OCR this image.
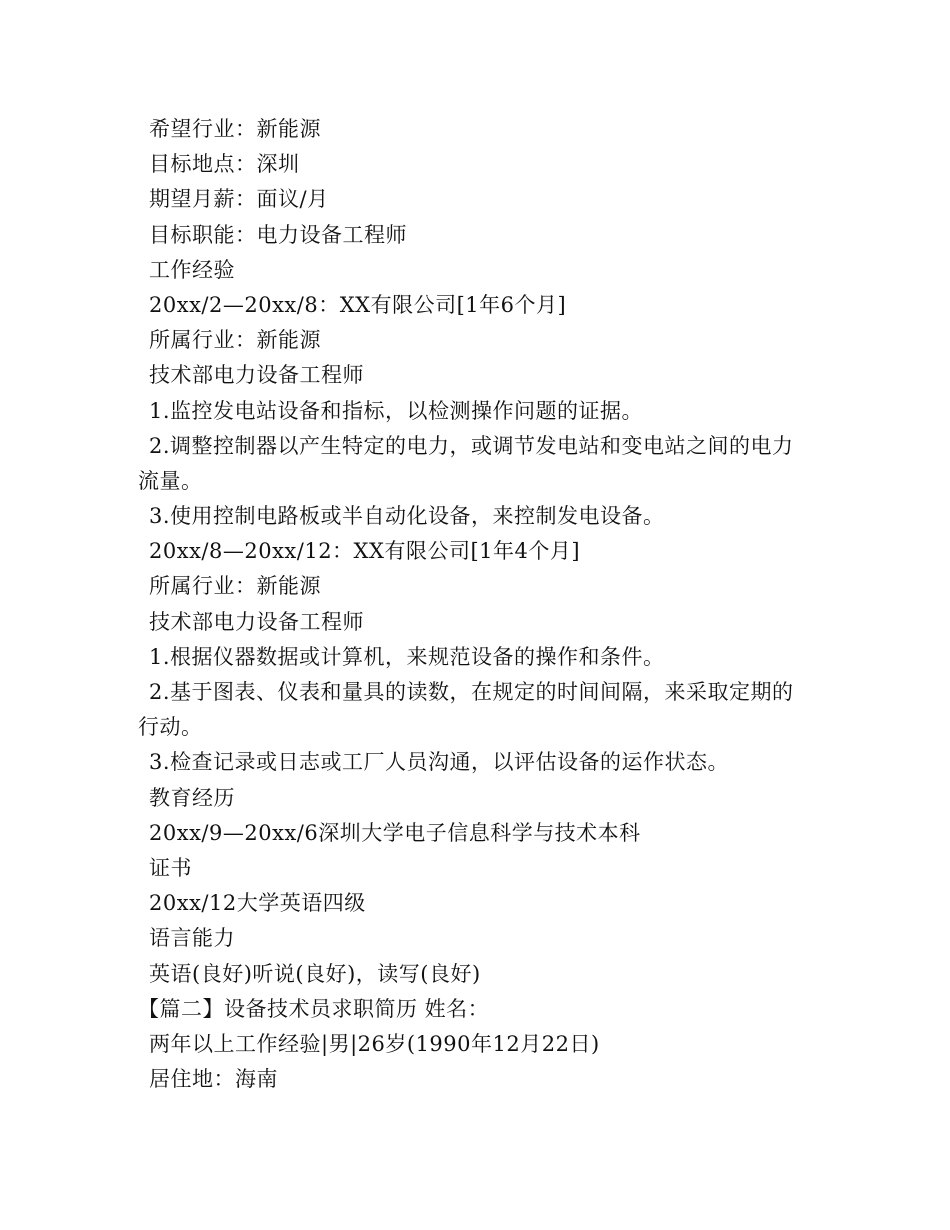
希望行业：新能源
目标地点：深圳
期望月薪：面议/月
目标职能：电力设备工程师
工作经验
20xx/2—20xx/8：XX有限公司[1年6个月]
所属行业：新能源
技术部电力设备工程师
1.监控发电站设备和指标，以检测操作问题的证据。
2.调整控制器以产生特定的电力，或调节发电站和变电站之间的电力
流量。
3.使用控制电路板或半自动化设备，来控制发电设备。
20xx/8—20xx/12：XX有限公司[1年4个月]
所属行业：新能源
技术部电力设备工程师
1.根据仪器数据或计算机，来规范设备的操作和条件。
2.基于图表、仪表和量具的读数，在规定的时间间隔，来采取定期的
行动。
3.检查记录或日志或工厂人员沟通，以评估设备的运作状态。
教育经历
20xx/9—20xx/6深圳大学电子信息科学与技术本科
证书
20xx/12大学英语四级
语言能力
英语(良好)听说(良好)，读写(良好)
【篇二】设备技术员求职简历 姓名：
两年以上工作经验|男|26岁(1990年12月22日)
居住地：海南
